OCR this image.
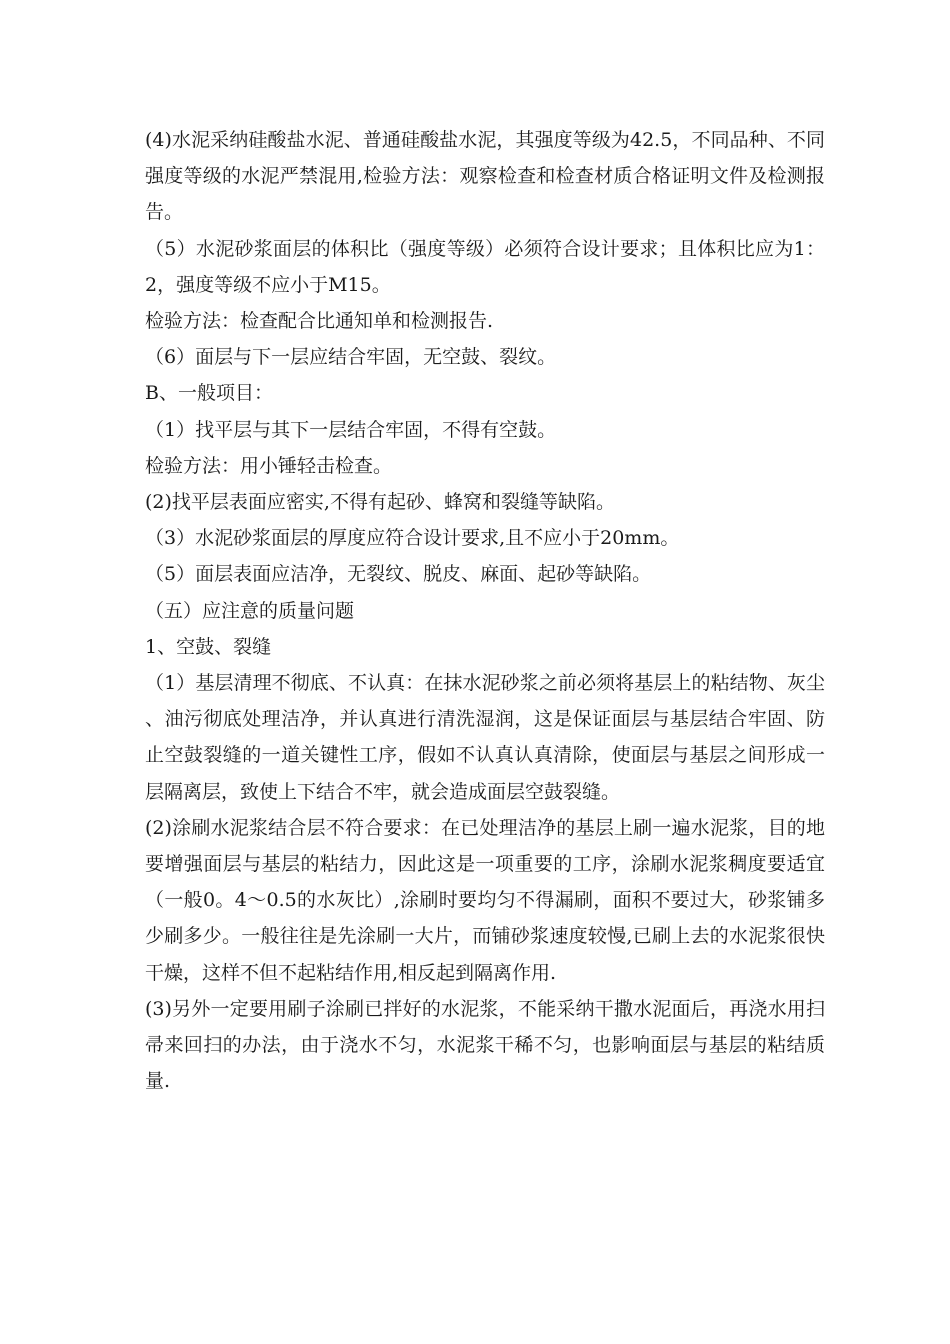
(4)水泥采纳硅酸盐水泥、普通硅酸盐水泥，其强度等级为42.5，不同品种、不同强度等级的水泥严禁混用,检验方法：观察检查和检查材质合格证明文件及检测报告。

（5）水泥砂浆面层的体积比（强度等级）必须符合设计要求；且体积比应为1：2，强度等级不应小于M15。

检验方法：检查配合比通知单和检测报告.

（6）面层与下一层应结合牢固，无空鼓、裂纹。

B、一般项目：

（1）找平层与其下一层结合牢固，不得有空鼓。

检验方法：用小锤轻击检查。

(2)找平层表面应密实,不得有起砂、蜂窝和裂缝等缺陷。

（3）水泥砂浆面层的厚度应符合设计要求,且不应小于20mm。

（5）面层表面应洁净，无裂纹、脱皮、麻面、起砂等缺陷。

（五）应注意的质量问题

1、空鼓、裂缝

（1）基层清理不彻底、不认真：在抹水泥砂浆之前必须将基层上的粘结物、灰尘、油污彻底处理洁净，并认真进行清洗湿润，这是保证面层与基层结合牢固、防止空鼓裂缝的一道关键性工序，假如不认真认真清除，使面层与基层之间形成一层隔离层，致使上下结合不牢，就会造成面层空鼓裂缝。

(2)涂刷水泥浆结合层不符合要求：在已处理洁净的基层上刷一遍水泥浆，目的地要增强面层与基层的粘结力，因此这是一项重要的工序，涂刷水泥浆稠度要适宜（一般0。4～0.5的水灰比）,涂刷时要均匀不得漏刷，面积不要过大，砂浆铺多少刷多少。一般往往是先涂刷一大片，而铺砂浆速度较慢,已刷上去的水泥浆很快干燥，这样不但不起粘结作用,相反起到隔离作用.

(3)另外一定要用刷子涂刷已拌好的水泥浆，不能采纳干撒水泥面后，再浇水用扫帚来回扫的办法，由于浇水不匀，水泥浆干稀不匀，也影响面层与基层的粘结质量.
